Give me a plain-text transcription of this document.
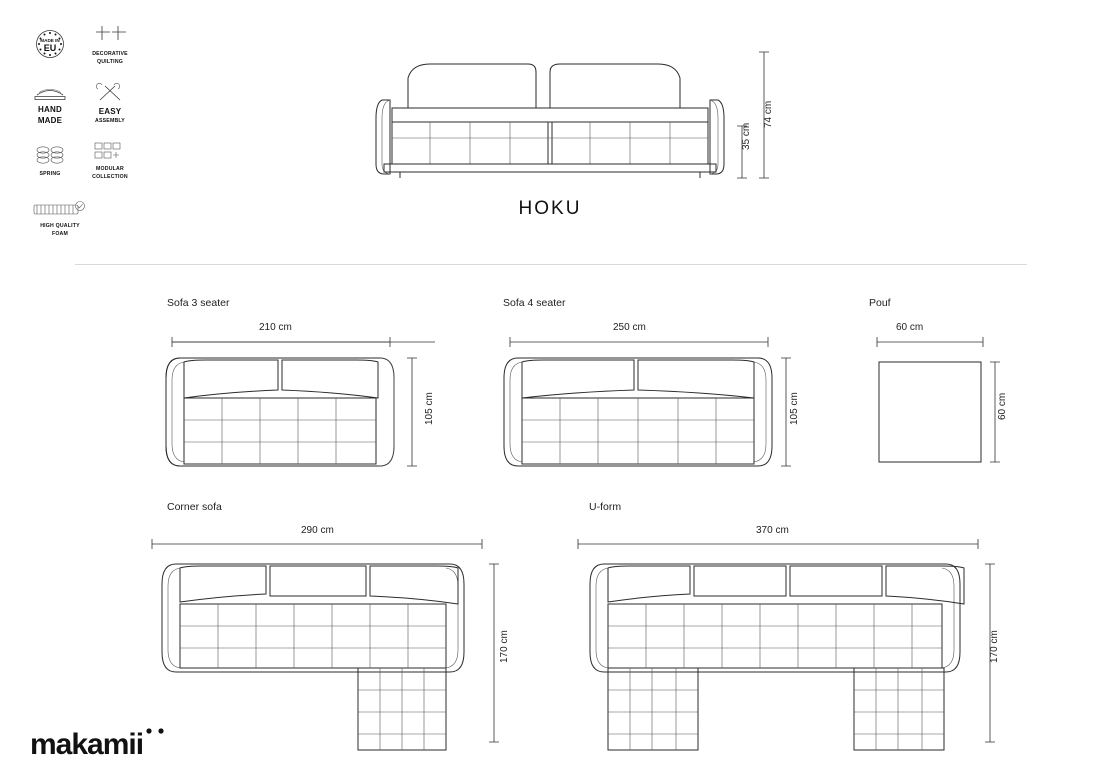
MADE IN
EU
DECORATIVE
QUILTING
HAND
MADE
EASY
ASSEMBLY
SPRING
MODULAR
COLLECTION
HIGH QUALITY
FOAM
74 cm
35 cm
HOKU
Sofa 3 seater
210 cm
105 cm
Sofa 4 seater
250 cm
105 cm
Pouf
60 cm
60 cm
Corner sofa
290 cm
170 cm
U-form
370 cm
170 cm
makamii
